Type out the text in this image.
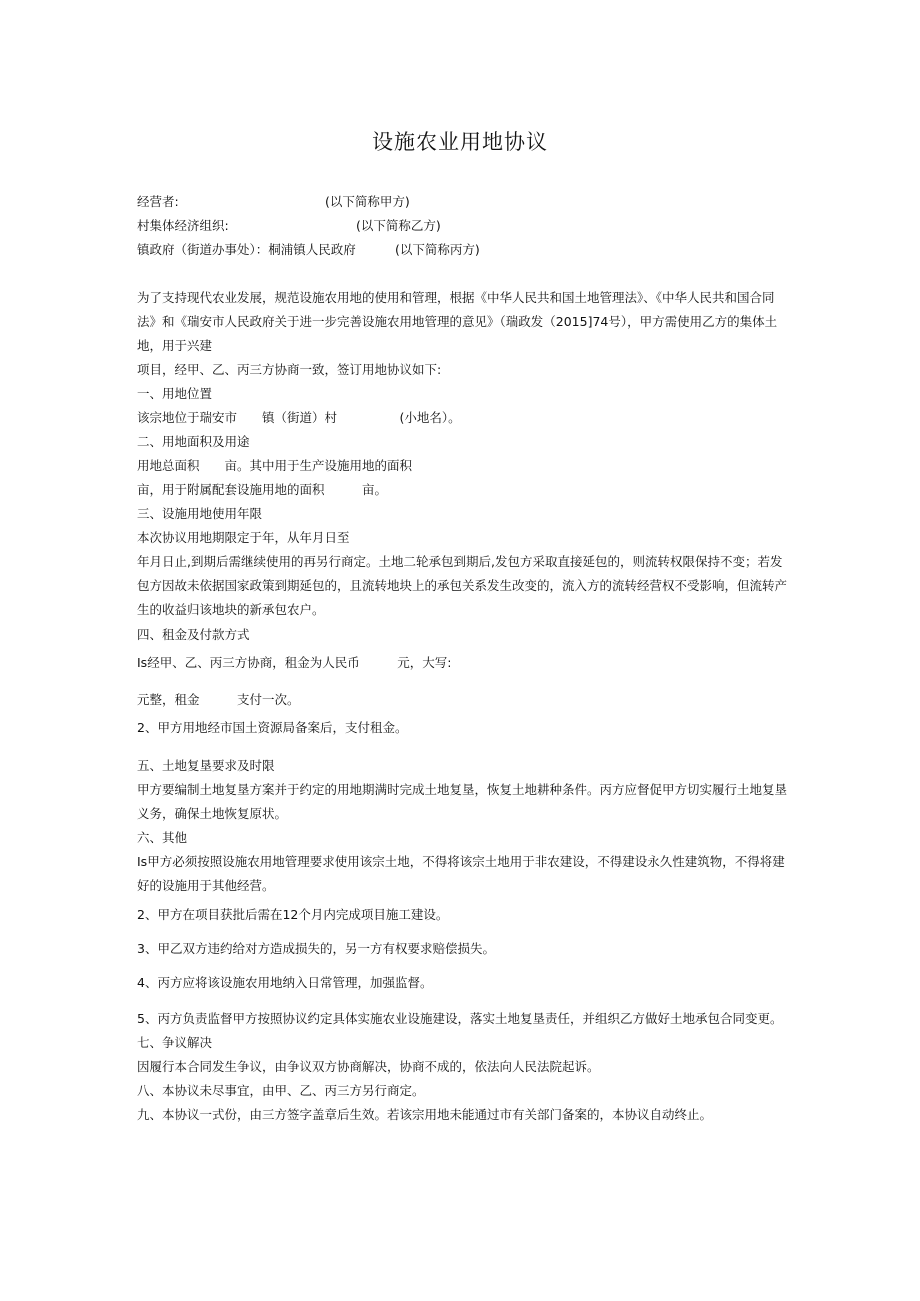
设施农业用地协议
经营者:	(以下简称甲方)
村集体经济组织:	(以下简称乙方)
镇政府（街道办事处）：桐浦镇人民政府	(以下简称丙方)
为了支持现代农业发展，规范设施农用地的使用和管理，根据《中华人民共和国土地管理法》、《中华人民共和国合同
法》和《瑞安市人民政府关于进一步完善设施农用地管理的意见》（瑞政发（2015]74号），甲方需使用乙方的集体土
地，用于兴建
项目，经甲、乙、丙三方协商一致，签订用地协议如下:
一、用地位置
该宗地位于瑞安市　　镇（街道）村　　　　　(小地名）。
二、用地面积及用途
用地总面积　　亩。其中用于生产设施用地的面积
亩，用于附属配套设施用地的面积　　　亩。
三、设施用地使用年限
本次协议用地期限定于年，从年月日至
年月日止,到期后需继续使用的再另行商定。土地二轮承包到期后,发包方采取直接延包的，则流转权限保持不变；若发
包方因故未依据国家政策到期延包的，且流转地块上的承包关系发生改变的，流入方的流转经营权不受影响，但流转产
生的收益归该地块的新承包农户。
四、租金及付款方式
Is经甲、乙、丙三方协商，租金为人民币　　　元，大写:
元整，租金　　　支付一次。
2、甲方用地经市国土资源局备案后，支付租金。
五、土地复垦要求及时限
甲方要编制土地复垦方案并于约定的用地期满时完成土地复垦，恢复土地耕种条件。丙方应督促甲方切实履行土地复垦
义务，确保土地恢复原状。
六、其他
Is甲方必须按照设施农用地管理要求使用该宗土地，不得将该宗土地用于非农建设，不得建设永久性建筑物，不得将建
好的设施用于其他经营。
2、甲方在项目获批后需在12个月内完成项目施工建设。
3、甲乙双方违约给对方造成损失的，另一方有权要求赔偿损失。
4、丙方应将该设施农用地纳入日常管理，加强监督。
5、丙方负责监督甲方按照协议约定具体实施农业设施建设，落实土地复垦责任，并组织乙方做好土地承包合同变更。
七、争议解决
因履行本合同发生争议，由争议双方协商解决，协商不成的，依法向人民法院起诉。
八、本协议未尽事宜，由甲、乙、丙三方另行商定。
九、本协议一式份，由三方签字盖章后生效。若该宗用地未能通过市有关部门备案的，本协议自动终止。
